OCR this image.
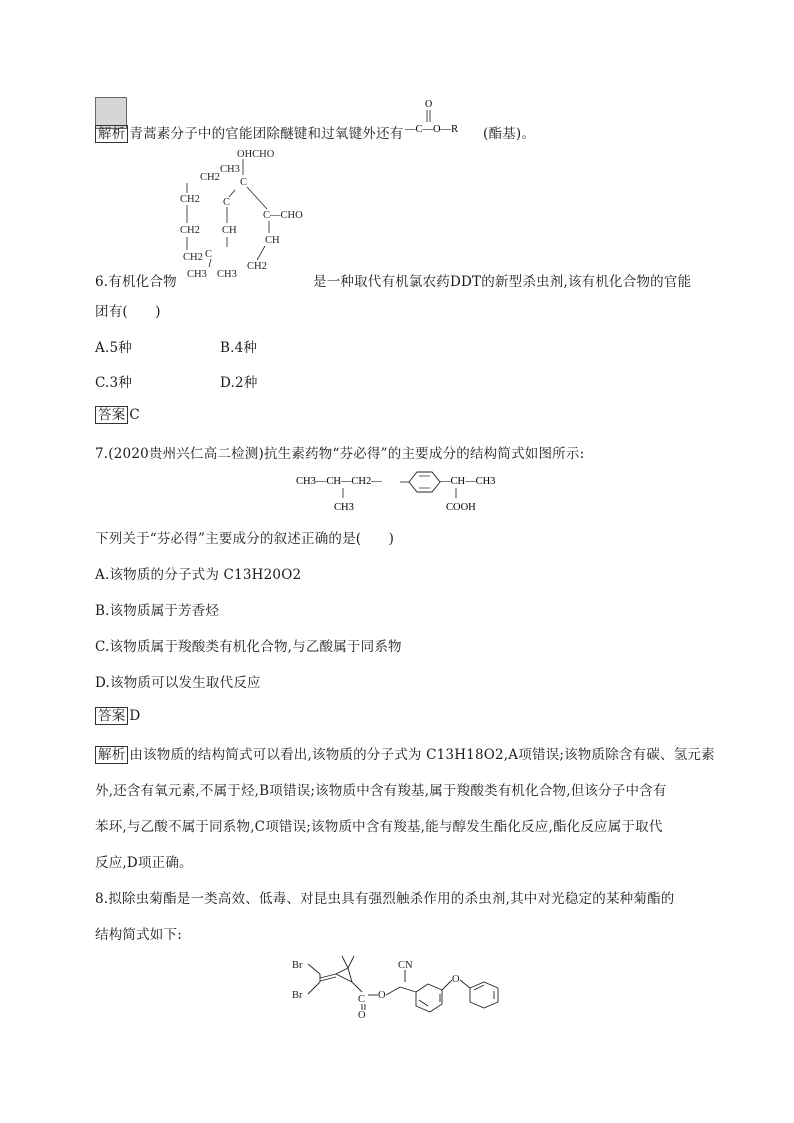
解析 青蒿素分子中的官能团除醚键和过氧键外还有
O
—C—O—R (酯基)。
OHCHO
CH3
CH2 C
CH2 C
C—CHO
CH2 CH
CH
CH2 C
CH2
CH3 CH3
6.有机化合物	是一种取代有机氯农药DDT的新型杀虫剂,该有机化合物的官能
团有(　　)
A.5种	B.4种
C.3种	D.2种
答案 C
7.(2020贵州兴仁高二检测)抗生素药物“芬必得”的主要成分的结构简式如图所示:
CH3—CH—CH2—
CH3
—CH—CH3
COOH
下列关于“芬必得”主要成分的叙述正确的是(　　)
A.该物质的分子式为 C13H20O2
B.该物质属于芳香烃
C.该物质属于羧酸类有机化合物,与乙酸属于同系物
D.该物质可以发生取代反应
答案 D
解析 由该物质的结构简式可以看出,该物质的分子式为 C13H18O2,A项错误;该物质除含有碳、氢元素
外,还含有氧元素,不属于烃,B项错误;该物质中含有羧基,属于羧酸类有机化合物,但该分子中含有
苯环,与乙酸不属于同系物,C项错误;该物质中含有羧基,能与醇发生酯化反应,酯化反应属于取代
反应,D项正确。
8.拟除虫菊酯是一类高效、低毒、对昆虫具有强烈触杀作用的杀虫剂,其中对光稳定的某种菊酯的
结构简式如下:
Br
Br	C
O
O
CN
O
